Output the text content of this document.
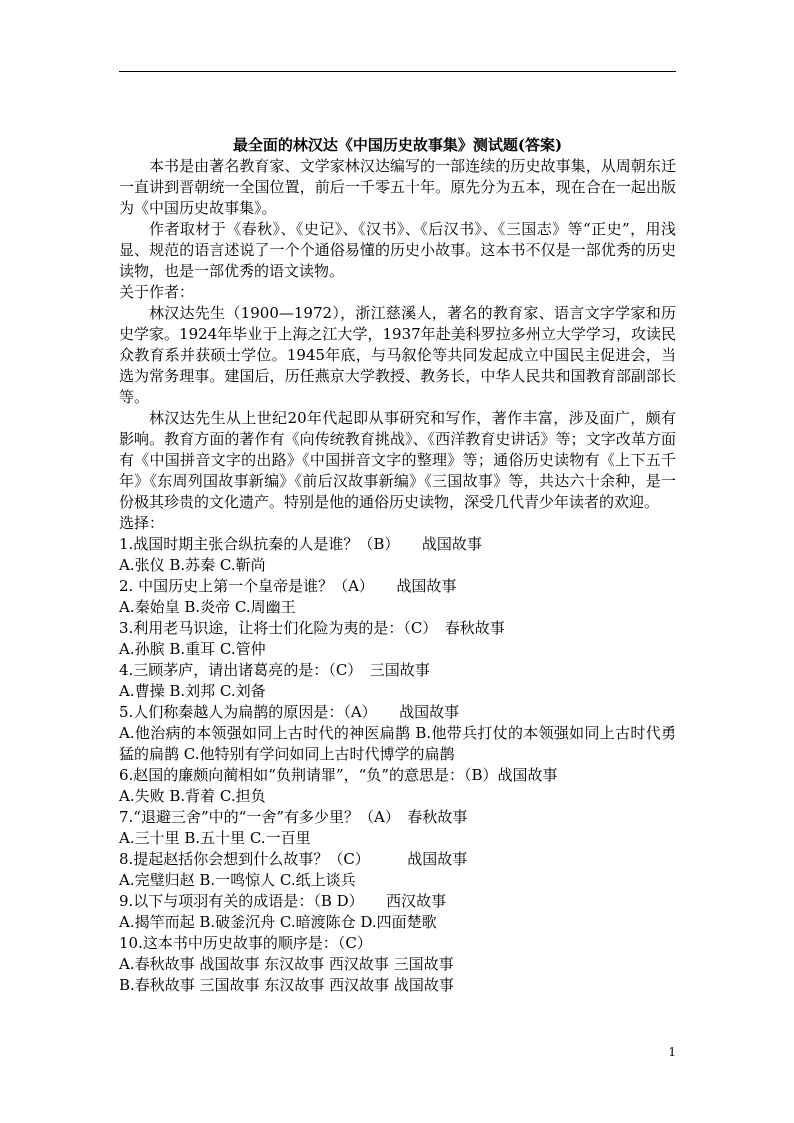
最全面的林汉达《中国历史故事集》测试题(答案)

本书是由著名教育家、文学家林汉达编写的一部连续的历史故事集，从周朝东迁一直讲到晋朝统一全国位置，前后一千零五十年。原先分为五本，现在合在一起出版为《中国历史故事集》。

作者取材于《春秋》、《史记》、《汉书》、《后汉书》、《三国志》等“正史”，用浅显、规范的语言述说了一个个通俗易懂的历史小故事。这本书不仅是一部优秀的历史读物，也是一部优秀的语文读物。

关于作者：

林汉达先生（1900—1972），浙江慈溪人，著名的教育家、语言文字学家和历史学家。1924年毕业于上海之江大学，1937年赴美科罗拉多州立大学学习，攻读民众教育系并获硕士学位。1945年底，与马叙伦等共同发起成立中国民主促进会，当选为常务理事。建国后，历任燕京大学教授、教务长，中华人民共和国教育部副部长等。

林汉达先生从上世纪20年代起即从事研究和写作，著作丰富，涉及面广，颇有影响。教育方面的著作有《向传统教育挑战》、《西洋教育史讲话》等；文字改革方面有《中国拼音文字的出路》《中国拼音文字的整理》等；通俗历史读物有《上下五千年》《东周列国故事新编》《前后汉故事新编》《三国故事》等，共达六十余种，是一份极其珍贵的文化遗产。特别是他的通俗历史读物，深受几代青少年读者的欢迎。

选择：

1.战国时期主张合纵抗秦的人是谁？（B）　　战国故事

A.张仪 B.苏秦 C.靳尚

2. 中国历史上第一个皇帝是谁？（A）　　战国故事

A.秦始皇 B.炎帝 C.周幽王

3.利用老马识途，让将士们化险为夷的是：（C）　春秋故事

A.孙膑 B.重耳 C.管仲

4.三顾茅庐，请出诸葛亮的是：（C）　三国故事

A.曹操 B.刘邦 C.刘备

5.人们称秦越人为扁鹊的原因是：（A）　　战国故事

A.他治病的本领强如同上古时代的神医扁鹊 B.他带兵打仗的本领强如同上古时代勇猛的扁鹊 C.他特别有学问如同上古时代博学的扁鹊

6.赵国的廉颇向蔺相如“负荆请罪”，“负”的意思是：（B）战国故事

A.失败 B.背着 C.担负

7.“退避三舍”中的“一舍”有多少里？（A）　春秋故事

A.三十里 B.五十里 C.一百里

8.提起赵括你会想到什么故事？（C）　　　战国故事

A.完璧归赵 B.一鸣惊人 C.纸上谈兵

9.以下与项羽有关的成语是：（B D）　　西汉故事

A.揭竿而起 B.破釜沉舟 C.暗渡陈仓 D.四面楚歌

10.这本书中历史故事的顺序是：（C）

A.春秋故事 战国故事 东汉故事 西汉故事 三国故事

B.春秋故事 三国故事 东汉故事 西汉故事 战国故事

1
